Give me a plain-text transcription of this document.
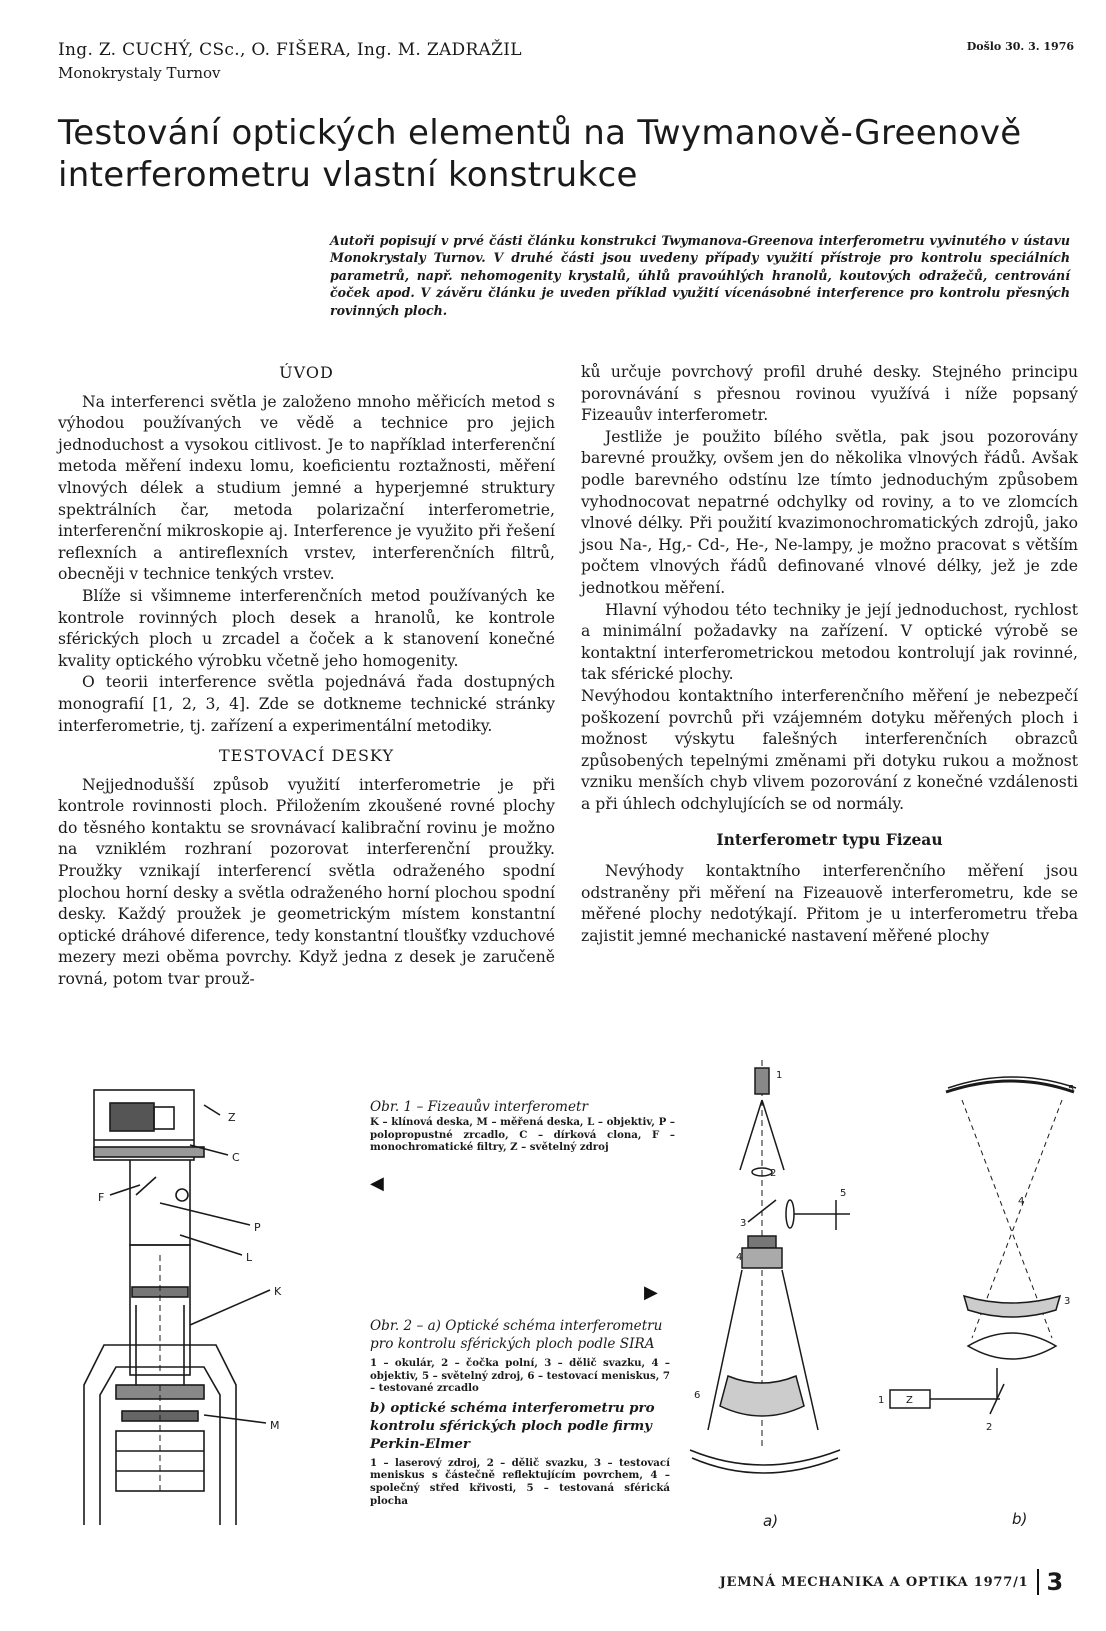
Ing. Z. CUCHÝ, CSc., O. FIŠERA, Ing. M. ZADRAŽIL
Monokrystaly Turnov
Došlo 30. 3. 1976
Testování optických elementů na Twymanově-Greenově interferometru vlastní konstrukce
Autoři popisují v prvé části článku konstrukci Twymanova-Greenova interferometru vyvinutého v ústavu Monokrystaly Turnov. V druhé části jsou uvedeny případy využití přístroje pro kontrolu speciálních parametrů, např. nehomogenity krystalů, úhlů pravoúhlých hranolů, koutových odražečů, centrování čoček apod. V závěru článku je uveden příklad využití vícenásobné interference pro kontrolu přesných rovinných ploch.
ÚVOD

Na interferenci světla je založeno mnoho měřicích metod s výhodou používaných ve vědě a technice pro jejich jednoduchost a vysokou citlivost. Je to například interferenční metoda měření indexu lomu, koeficientu roztažnosti, měření vlnových délek a studium jemné a hyperjemné struktury spektrálních čar, metoda polarizační interferometrie, interferenční mikroskopie aj. Interference je využito při řešení reflexních a antireflexních vrstev, interferenčních filtrů, obecněji v technice tenkých vrstev.

Blíže si všimneme interferenčních metod používaných ke kontrole rovinných ploch desek a hranolů, ke kontrole sférických ploch u zrcadel a čoček a k stanovení konečné kvality optického výrobku včetně jeho homogenity.

O teorii interference světla pojednává řada dostupných monografií [1, 2, 3, 4]. Zde se dotkneme technické stránky interferometrie, tj. zařízení a experimentální metodiky.

TESTOVACÍ DESKY

Nejjednodušší způsob využití interferometrie je při kontrole rovinnosti ploch. Přiložením zkoušené rovné plochy do těsného kontaktu se srovnávací kalibrační rovinu je možno na vzniklém rozhraní pozorovat interferenční proužky. Proužky vznikají interferencí světla odraženého spodní plochou horní desky a světla odraženého horní plochou spodní desky. Každý proužek je geometrickým místem konstantní optické dráhové diference, tedy konstantní tloušťky vzduchové mezery mezi oběma povrchy. Když jedna z desek je zaručeně rovná, potom tvar prouž-

ků určuje povrchový profil druhé desky. Stejného principu porovnávání s přesnou rovinou využívá i níže popsaný Fizeauův interferometr.

Jestliže je použito bílého světla, pak jsou pozorovány barevné proužky, ovšem jen do několika vlnových řádů. Avšak podle barevného odstínu lze tímto jednoduchým způsobem vyhodnocovat nepatrné odchylky od roviny, a to ve zlomcích vlnové délky. Při použití kvazimonochromatických zdrojů, jako jsou Na-, Hg,- Cd-, He-, Ne-lampy, je možno pracovat s větším počtem vlnových řádů definované vlnové délky, jež je zde jednotkou měření.

Hlavní výhodou této techniky je její jednoduchost, rychlost a minimální požadavky na zařízení. V optické výrobě se kontaktní interferometrickou metodou kontrolují jak rovinné, tak sférické plochy.

Nevýhodou kontaktního interferenčního měření je nebezpečí poškození povrchů při vzájemném dotyku měřených ploch i možnost výskytu falešných interferenčních obrazců způsobených tepelnými změnami při dotyku rukou a možnost vzniku menších chyb vlivem pozorování z konečné vzdálenosti a při úhlech odchylujících se od normály.

Interferometr typu Fizeau

Nevýhody kontaktního interferenčního měření jsou odstraněny při měření na Fizeauově interferometru, kde se měřené plochy nedotýkají. Přitom je u interferometru třeba zajistit jemné mechanické nastavení měřené plochy

Z
C
F
P
L
K
M
Obr. 1 – Fizeauův interferometr
K – klínová deska, M – měřená deska, L – objektiv, P – polopropustné zrcadlo, C – dírková clona, F – monochromatické filtry, Z – světelný zdroj
◀
▶
Obr. 2 – a) Optické schéma interferometru pro kontrolu sférických ploch podle SIRA
1 – okulár, 2 – čočka polní, 3 – dělič svazku, 4 – objektiv, 5 – světelný zdroj, 6 – testovací meniskus, 7 – testované zrcadlo
b) optické schéma interferometru pro kontrolu sférických ploch podle firmy Perkin-Elmer
1 – laserový zdroj, 2 – dělič svazku, 3 – testovací meniskus s částečně reflektujícím povrchem, 4 – společný střed křivosti, 5 – testovaná sférická plocha
1
2
3
4
5
6
a)
5
4
3
1
2
Z
b)
JEMNÁ MECHANIKA A OPTIKA 1977/1 3
